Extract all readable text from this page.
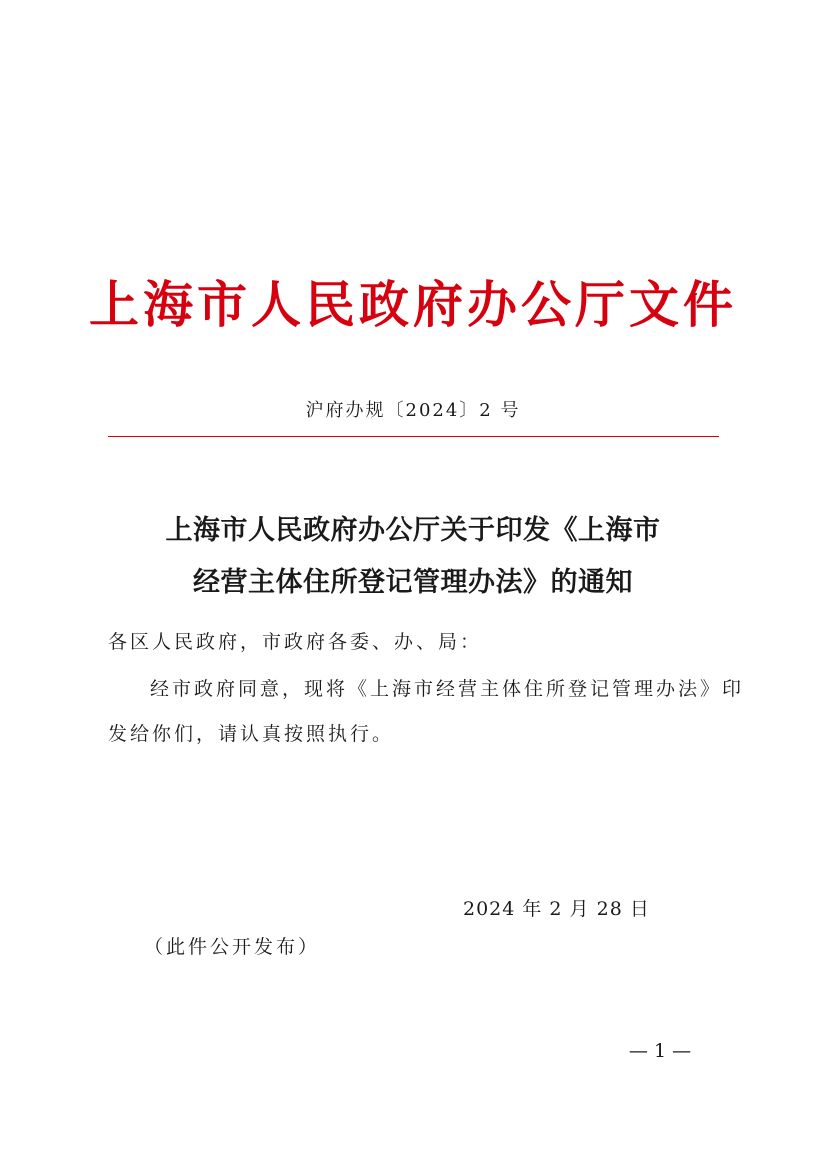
上海市人民政府办公厅文件
沪府办规〔2024〕2 号
上海市人民政府办公厅关于印发《上海市
经营主体住所登记管理办法》的通知
各区人民政府，市政府各委、办、局：
经市政府同意，现将《上海市经营主体住所登记管理办法》印
发给你们，请认真按照执行。
2024 年 2 月 28 日
（此件公开发布）
— 1 —
